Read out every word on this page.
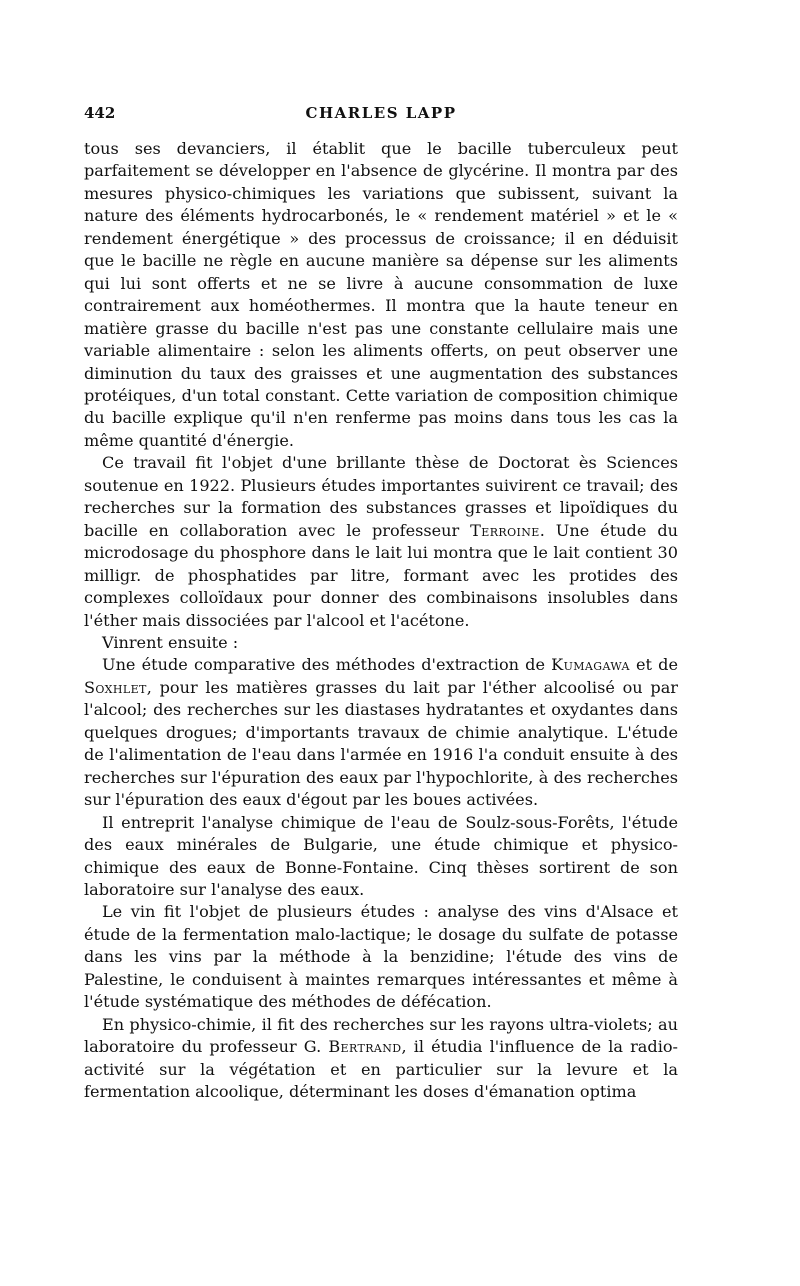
442	CHARLES LAPP

tous ses devanciers, il établit que le bacille tuberculeux peut parfaitement se développer en l'absence de glycérine. Il montra par des mesures physico-chimiques les variations que subissent, suivant la nature des éléments hydrocarbonés, le « rendement matériel » et le « rendement énergétique » des processus de croissance; il en déduisit que le bacille ne règle en aucune manière sa dépense sur les aliments qui lui sont offerts et ne se livre à aucune consommation de luxe contrairement aux homéothermes. Il montra que la haute teneur en matière grasse du bacille n'est pas une constante cellulaire mais une variable alimentaire : selon les aliments offerts, on peut observer une diminution du taux des graisses et une augmentation des substances protéiques, d'un total constant. Cette variation de composition chimique du bacille explique qu'il n'en renferme pas moins dans tous les cas la même quantité d'énergie.

Ce travail fit l'objet d'une brillante thèse de Doctorat ès Sciences soutenue en 1922. Plusieurs études importantes suivirent ce travail; des recherches sur la formation des substances grasses et lipoïdiques du bacille en collaboration avec le professeur Terroine. Une étude du microdosage du phosphore dans le lait lui montra que le lait contient 30 milligr. de phosphatides par litre, formant avec les protides des complexes colloïdaux pour donner des combinaisons insolubles dans l'éther mais dissociées par l'alcool et l'acétone.

Vinrent ensuite :

Une étude comparative des méthodes d'extraction de Kumagawa et de Soxhlet, pour les matières grasses du lait par l'éther alcoolisé ou par l'alcool; des recherches sur les diastases hydratantes et oxydantes dans quelques drogues; d'importants travaux de chimie analytique. L'étude de l'alimentation de l'eau dans l'armée en 1916 l'a conduit ensuite à des recherches sur l'épuration des eaux par l'hypochlorite, à des recherches sur l'épuration des eaux d'égout par les boues activées.

Il entreprit l'analyse chimique de l'eau de Soulz-sous-Forêts, l'étude des eaux minérales de Bulgarie, une étude chimique et physico-chimique des eaux de Bonne-Fontaine. Cinq thèses sortirent de son laboratoire sur l'analyse des eaux.

Le vin fit l'objet de plusieurs études : analyse des vins d'Alsace et étude de la fermentation malo-lactique; le dosage du sulfate de potasse dans les vins par la méthode à la benzidine; l'étude des vins de Palestine, le conduisent à maintes remarques intéressantes et même à l'étude systématique des méthodes de défécation.

En physico-chimie, il fit des recherches sur les rayons ultra-violets; au laboratoire du professeur G. Bertrand, il étudia l'influence de la radio-activité sur la végétation et en particulier sur la levure et la fermentation alcoolique, déterminant les doses d'émanation optima
